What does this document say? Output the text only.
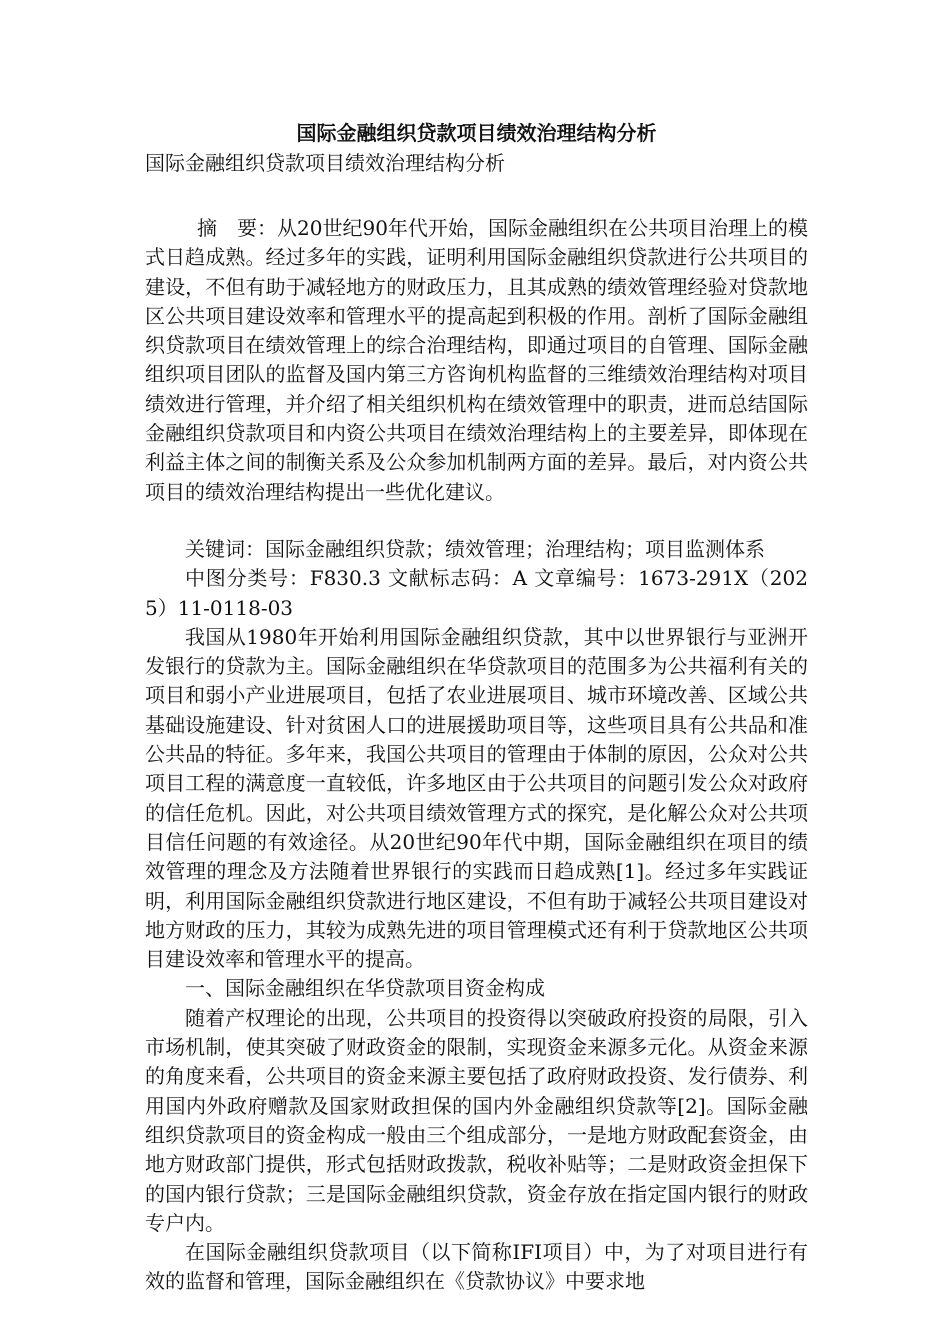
国际金融组织贷款项目绩效治理结构分析

国际金融组织贷款项目绩效治理结构分析

摘　要：从20世纪90年代开始，国际金融组织在公共项目治理上的模式日趋成熟。经过多年的实践，证明利用国际金融组织贷款进行公共项目的建设，不但有助于减轻地方的财政压力，且其成熟的绩效管理经验对贷款地区公共项目建设效率和管理水平的提高起到积极的作用。剖析了国际金融组织贷款项目在绩效管理上的综合治理结构，即通过项目的自管理、国际金融组织项目团队的监督及国内第三方咨询机构监督的三维绩效治理结构对项目绩效进行管理，并介绍了相关组织机构在绩效管理中的职责，进而总结国际金融组织贷款项目和内资公共项目在绩效治理结构上的主要差异，即体现在利益主体之间的制衡关系及公众参加机制两方面的差异。最后，对内资公共项目的绩效治理结构提出一些优化建议。

关键词：国际金融组织贷款；绩效管理；治理结构；项目监测体系

中图分类号：F830.3 文献标志码：A 文章编号：1673-291X（2025）11-0118-03

我国从1980年开始利用国际金融组织贷款，其中以世界银行与亚洲开发银行的贷款为主。国际金融组织在华贷款项目的范围多为公共福利有关的项目和弱小产业进展项目，包括了农业进展项目、城市环境改善、区域公共基础设施建设、针对贫困人口的进展援助项目等，这些项目具有公共品和准公共品的特征。多年来，我国公共项目的管理由于体制的原因，公众对公共项目工程的满意度一直较低，许多地区由于公共项目的问题引发公众对政府的信任危机。因此，对公共项目绩效管理方式的探究，是化解公众对公共项目信任问题的有效途径。从20世纪90年代中期，国际金融组织在项目的绩效管理的理念及方法随着世界银行的实践而日趋成熟[1]。经过多年实践证明，利用国际金融组织贷款进行地区建设，不但有助于减轻公共项目建设对地方财政的压力，其较为成熟先进的项目管理模式还有利于贷款地区公共项目建设效率和管理水平的提高。

一、国际金融组织在华贷款项目资金构成

随着产权理论的出现，公共项目的投资得以突破政府投资的局限，引入市场机制，使其突破了财政资金的限制，实现资金来源多元化。从资金来源的角度来看，公共项目的资金来源主要包括了政府财政投资、发行债券、利用国内外政府赠款及国家财政担保的国内外金融组织贷款等[2]。国际金融组织贷款项目的资金构成一般由三个组成部分，一是地方财政配套资金，由地方财政部门提供，形式包括财政拨款，税收补贴等；二是财政资金担保下的国内银行贷款；三是国际金融组织贷款，资金存放在指定国内银行的财政专户内。

在国际金融组织贷款项目（以下简称IFI项目）中，为了对项目进行有效的监督和管理，国际金融组织在《贷款协议》中要求地
